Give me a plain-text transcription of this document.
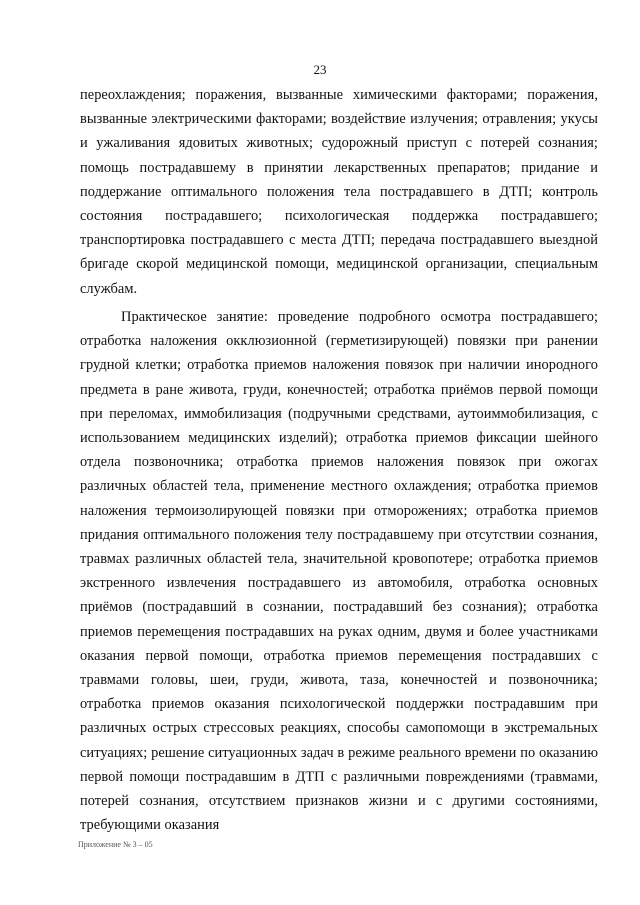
23

переохлаждения; поражения, вызванные химическими факторами; поражения, вызванные электрическими факторами; воздействие излучения; отравления; укусы и ужаливания ядовитых животных; судорожный приступ с потерей сознания; помощь пострадавшему в принятии лекарственных препаратов; придание и поддержание оптимального положения тела пострадавшего в ДТП; контроль состояния пострадавшего; психологическая поддержка пострадавшего; транспортировка пострадавшего с места ДТП; передача пострадавшего выездной бригаде скорой медицинской помощи, медицинской организации, специальным службам.

Практическое занятие: проведение подробного осмотра пострадавшего; отработка наложения окклюзионной (герметизирующей) повязки при ранении грудной клетки; отработка приемов наложения повязок при наличии инородного предмета в ране живота, груди, конечностей; отработка приёмов первой помощи при переломах, иммобилизация (подручными средствами, аутоиммобилизация, с использованием медицинских изделий); отработка приемов фиксации шейного отдела позвоночника; отработка приемов наложения повязок при ожогах различных областей тела, применение местного охлаждения; отработка приемов наложения термоизолирующей повязки при отморожениях; отработка приемов придания оптимального положения телу пострадавшему при отсутствии сознания, травмах различных областей тела, значительной кровопотере; отработка приемов экстренного извлечения пострадавшего из автомобиля, отработка основных приёмов (пострадавший в сознании, пострадавший без сознания); отработка приемов перемещения пострадавших на руках одним, двумя и более участниками оказания первой помощи, отработка приемов перемещения пострадавших с травмами головы, шеи, груди, живота, таза, конечностей и позвоночника; отработка приемов оказания психологической поддержки пострадавшим при различных острых стрессовых реакциях, способы самопомощи в экстремальных ситуациях; решение ситуационных задач в режиме реального времени по оказанию первой помощи пострадавшим в ДТП с различными повреждениями (травмами, потерей сознания, отсутствием признаков жизни и с другими состояниями, требующими оказания

Приложение № 3 – 05
